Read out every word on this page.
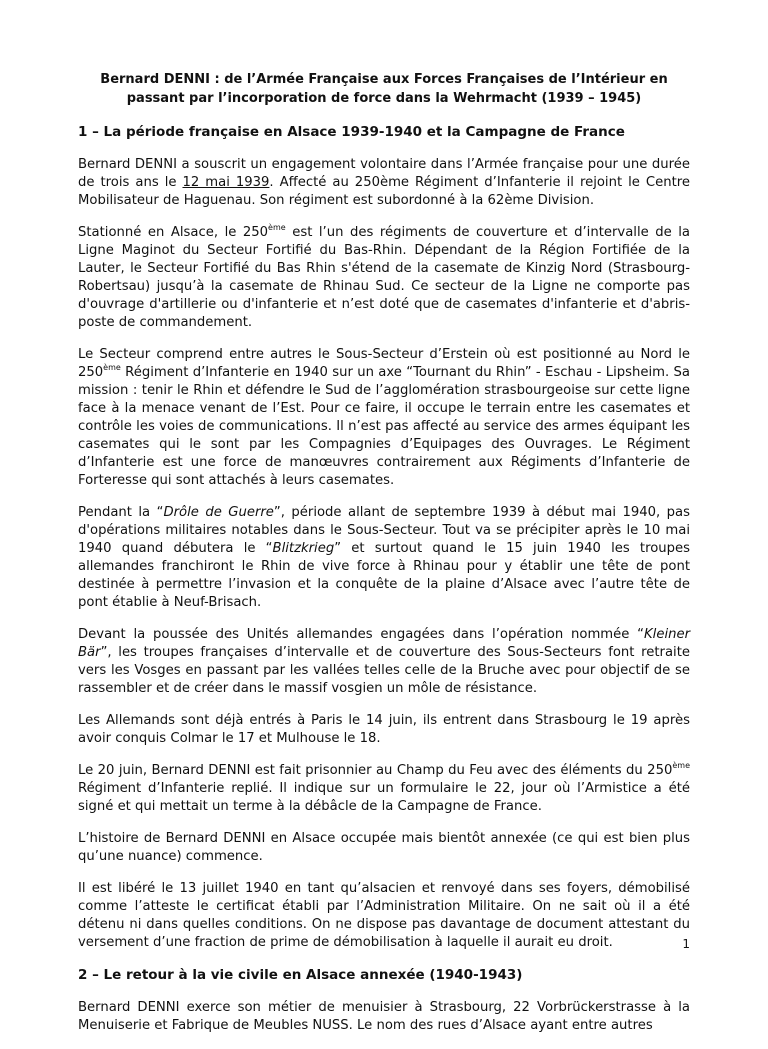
Bernard DENNI : de l’Armée Française aux Forces Françaises de l’Intérieur en
passant par l’incorporation de force dans la Wehrmacht (1939 – 1945)
1 – La période française en Alsace 1939-1940 et la Campagne de France

Bernard DENNI a souscrit un engagement volontaire dans l’Armée française pour une durée de trois ans le 12 mai 1939. Affecté au 250ème Régiment d’Infanterie il rejoint le Centre Mobilisateur de Haguenau. Son régiment est subordonné à la 62ème Division.

Stationné en Alsace, le 250ème est l’un des régiments de couverture et d’intervalle de la Ligne Maginot du Secteur Fortifié du Bas-Rhin. Dépendant de la Région Fortifiée de la Lauter, le Secteur Fortifié du Bas Rhin s'étend de la casemate de Kinzig Nord (Strasbourg-Robertsau) jusqu’à la casemate de Rhinau Sud. Ce secteur de la Ligne ne comporte pas d'ouvrage d'artillerie ou d'infanterie et n’est doté que de casemates d'infanterie et d'abris-poste de commandement.

Le Secteur comprend entre autres le Sous-Secteur d’Erstein où est positionné au Nord le 250ème Régiment d’Infanterie en 1940 sur un axe “Tournant du Rhin” - Eschau - Lipsheim. Sa mission : tenir le Rhin et défendre le Sud de l’agglomération strasbourgeoise sur cette ligne face à la menace venant de l’Est. Pour ce faire, il occupe le terrain entre les casemates et contrôle les voies de communications. Il n’est pas affecté au service des armes équipant les casemates qui le sont par les Compagnies d’Equipages des Ouvrages. Le Régiment d’Infanterie est une force de manœuvres contrairement aux Régiments d’Infanterie de Forteresse qui sont attachés à leurs casemates.

Pendant la “Drôle de Guerre”, période allant de septembre 1939 à début mai 1940, pas d'opérations militaires notables dans le Sous-Secteur. Tout va se précipiter après le 10 mai 1940 quand débutera le “Blitzkrieg” et surtout quand le 15 juin 1940 les troupes allemandes franchiront le Rhin de vive force à Rhinau pour y établir une tête de pont destinée à permettre l’invasion et la conquête de la plaine d’Alsace avec l’autre tête de pont établie à Neuf-Brisach.

Devant la poussée des Unités allemandes engagées dans l’opération nommée “Kleiner Bär”, les troupes françaises d’intervalle et de couverture des Sous-Secteurs font retraite vers les Vosges en passant par les vallées telles celle de la Bruche avec pour objectif de se rassembler et de créer dans le massif vosgien un môle de résistance.

Les Allemands sont déjà entrés à Paris le 14 juin, ils entrent dans Strasbourg le 19 après avoir conquis Colmar le 17 et Mulhouse le 18.

Le 20 juin, Bernard DENNI est fait prisonnier au Champ du Feu avec des éléments du 250ème Régiment d’Infanterie replié. Il indique sur un formulaire le 22, jour où l’Armistice a été signé et qui mettait un terme à la débâcle de la Campagne de France.

L’histoire de Bernard DENNI en Alsace occupée mais bientôt annexée (ce qui est bien plus qu’une nuance) commence.

Il est libéré le 13 juillet 1940 en tant qu’alsacien et renvoyé dans ses foyers, démobilisé comme l’atteste le certificat établi par l’Administration Militaire. On ne sait où il a été détenu ni dans quelles conditions. On ne dispose pas davantage de document attestant du versement d’une fraction de prime de démobilisation à laquelle il aurait eu droit.

2 – Le retour à la vie civile en Alsace annexée (1940-1943)

Bernard DENNI exerce son métier de menuisier à Strasbourg, 22 Vorbrückerstrasse à la Menuiserie et Fabrique de Meubles NUSS. Le nom des rues d’Alsace ayant entre autres

1
